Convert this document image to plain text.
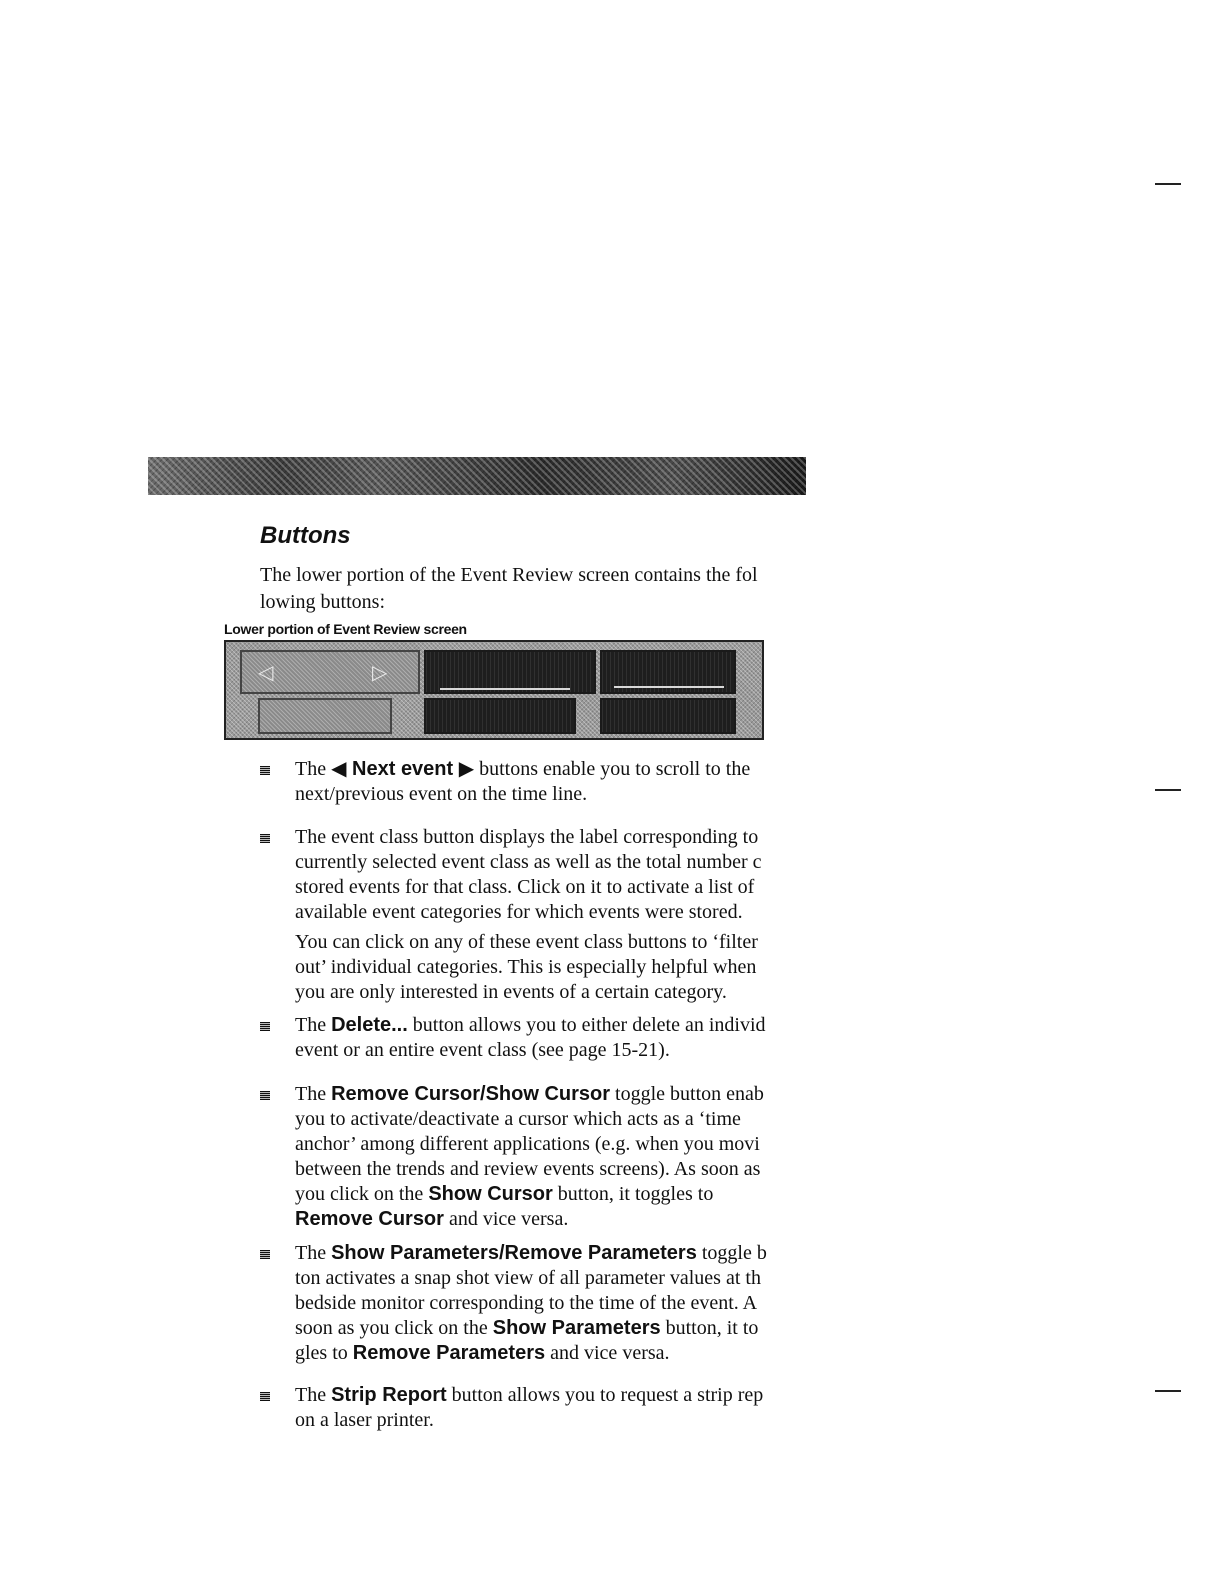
Buttons

The lower portion of the Event Review screen contains the fol
lowing buttons:

Lower portion of Event Review screen

◁	▷

The ◀ Next event ▶ buttons enable you to scroll to the
next/previous event on the time line.

The event class button displays the label corresponding to
currently selected event class as well as the total number c
stored events for that class. Click on it to activate a list of
available event categories for which events were stored.

You can click on any of these event class buttons to ‘filter
out’ individual categories. This is especially helpful when
you are only interested in events of a certain category.

The Delete... button allows you to either delete an individ
event or an entire event class (see page 15-21).

The Remove Cursor/Show Cursor toggle button enab
you to activate/deactivate a cursor which acts as a ‘time
anchor’ among different applications (e.g. when you movi
between the trends and review events screens). As soon as
you click on the Show Cursor button, it toggles to
Remove Cursor and vice versa.

The Show Parameters/Remove Parameters toggle b
ton activates a snap shot view of all parameter values at th
bedside monitor corresponding to the time of the event. A
soon as you click on the Show Parameters button, it to
gles to Remove Parameters and vice versa.

The Strip Report button allows you to request a strip rep
on a laser printer.
